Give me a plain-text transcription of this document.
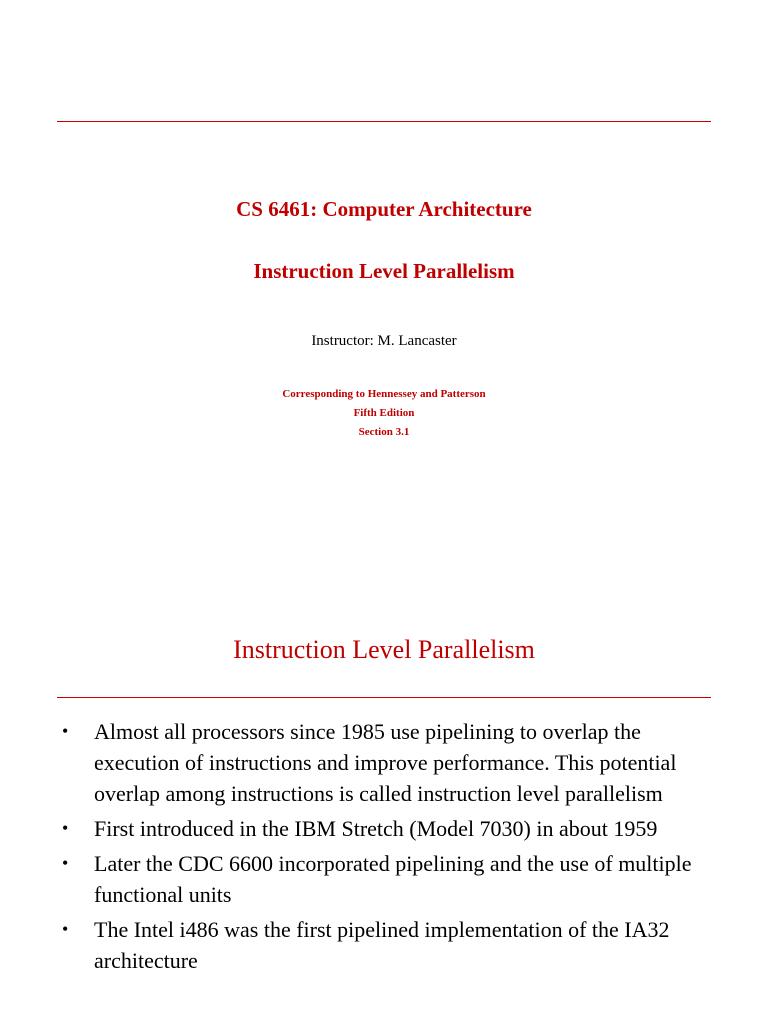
CS 6461: Computer Architecture
Instruction Level Parallelism
Instructor: M. Lancaster
Corresponding to Hennessey and Patterson
Fifth Edition
Section 3.1
Instruction Level Parallelism
• Almost all processors since 1985 use pipelining to overlap the execution of instructions and improve performance. This potential overlap among instructions is called instruction level parallelism
• First introduced in the IBM Stretch (Model 7030) in about 1959
• Later the CDC 6600 incorporated pipelining and the use of multiple functional units
• The Intel i486 was the first pipelined implementation of the IA32 architecture
